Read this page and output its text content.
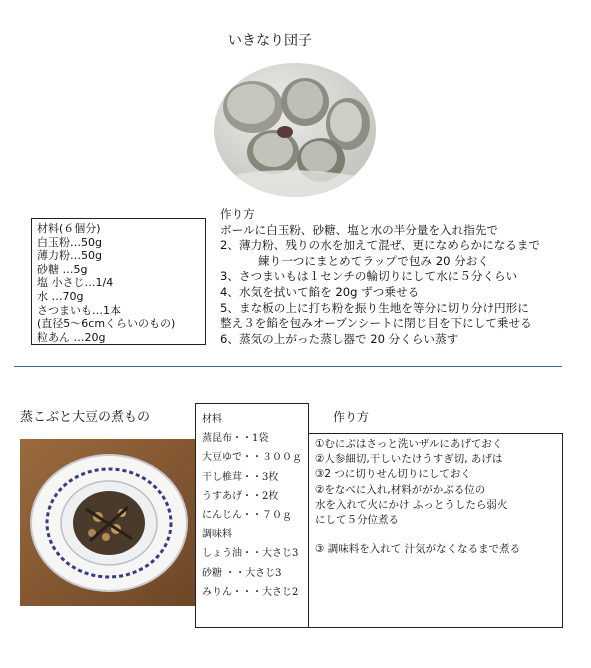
いきなり団子
材料(６個分)
白玉粉…50g
薄力粉…50g
砂糖 …5g
塩 小さじ…1/4
水 …70g
さつまいも…1本
(直径5～6cmくらいのもの)
粒あん …20g
作り方
ボールに白玉粉、砂糖、塩と水の半分量を入れ指先で
2、薄力粉、残りの水を加えて混ぜ、更になめらかになるまで
練り一つにまとめてラップで包み 20 分おく
3、さつまいもは１センチの輪切りにして水に５分くらい
4、水気を拭いて餡を 20g ずつ乗せる
5、まな板の上に打ち粉を振り生地を等分に切り分け円形に
整え３を餡を包みオーブンシートに閉じ目を下にして乗せる
6、蒸気の上がった蒸し器で 20 分くらい蒸す
蒸こぶと大豆の煮もの	材料
蒸昆布・・1袋
大豆ゆで・・３００ｇ
干し椎茸・・3枚
うすあげ・・2枚
にんじん・・７０ｇ
調味料
しょう油・・大さじ3
砂糖 ・・大さじ3
みりん・・・大さじ2
作り方
①むにぶはさっと洗いザルにあげておく
②人参細切,干しいたけうすぎ切, あげは
③2 つに切りせん切りにしておく
②をなべに入れ,材料ががかぶる位の
水を入れて火にかけ ふっとうしたら弱火
にして５分位煮る
③ 調味料を入れて 汁気がなくなるまで煮る
